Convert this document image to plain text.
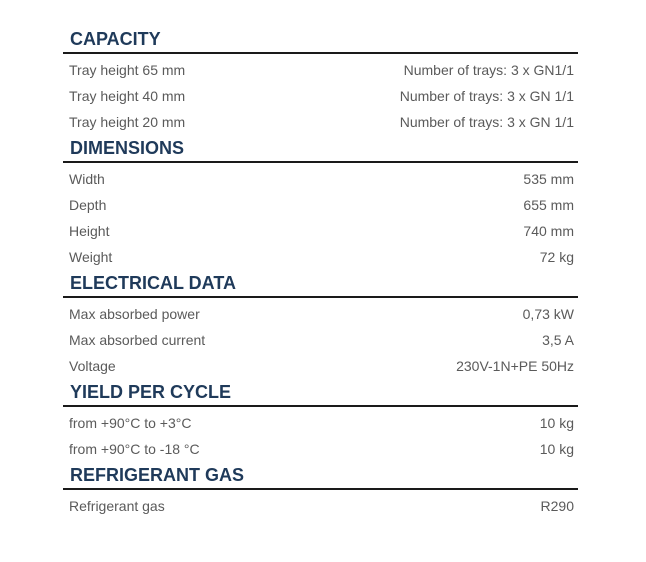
CAPACITY
Tray height 65 mm	Number of trays: 3 x GN1/1
Tray height 40 mm	Number of trays: 3 x GN 1/1
Tray height 20 mm	Number of trays: 3 x GN 1/1
DIMENSIONS
Width	535 mm
Depth	655 mm
Height	740 mm
Weight	72 kg
ELECTRICAL DATA
Max absorbed power	0,73 kW
Max absorbed current	3,5 A
Voltage	230V-1N+PE 50Hz
YIELD PER CYCLE
from +90°C to +3°C	10 kg
from +90°C to -18 °C	10 kg
REFRIGERANT GAS
Refrigerant gas	R290
